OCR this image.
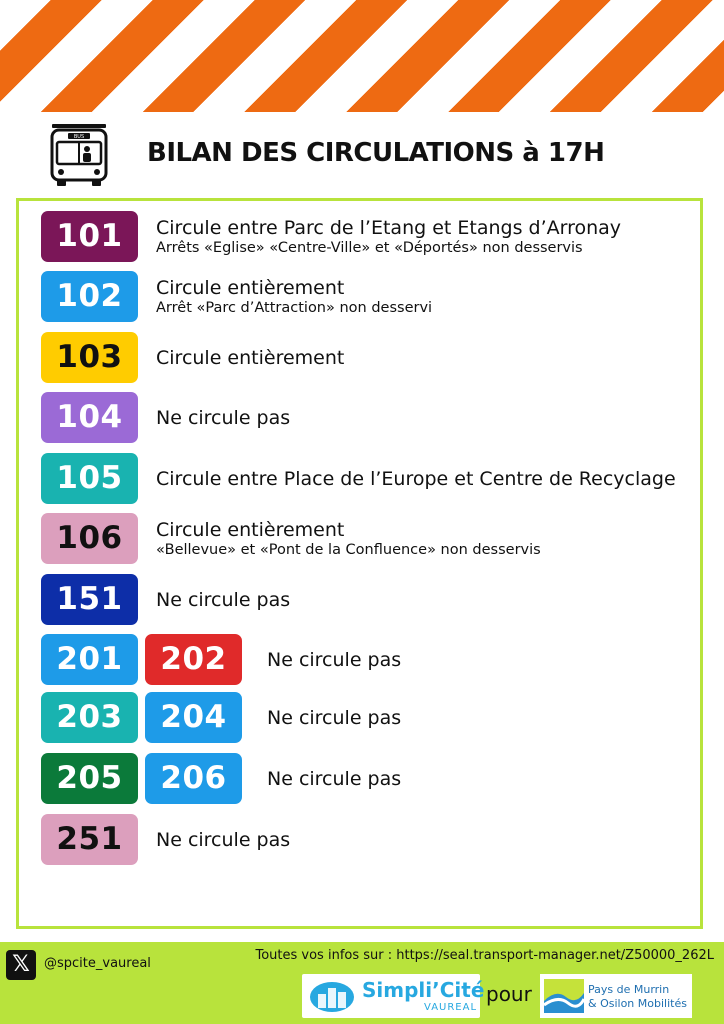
BUS
BILAN DES CIRCULATIONS à 17H
101	Circule entre Parc de l’Etang et Etangs d’Arronay
Arrêts «Eglise» «Centre-Ville» et «Déportés» non desservis
102	Circule entièrement
Arrêt «Parc d’Attraction» non desservi
103	Circule entièrement
104	Ne circule pas
105	Circule entre Place de l’Europe et Centre de Recyclage
106	Circule entièrement
«Bellevue» et «Pont de la Confluence» non desservis
151	Ne circule pas
201	202	Ne circule pas
203	204	Ne circule pas
205	206	Ne circule pas
251	Ne circule pas
𝕏	@spcite_vaureal
Toutes vos infos sur : https://seal.transport-manager.net/Z50000_262L
Simpli’Cité
VAUREAL
pour	Pays de Murrin
& Osilon Mobilités
